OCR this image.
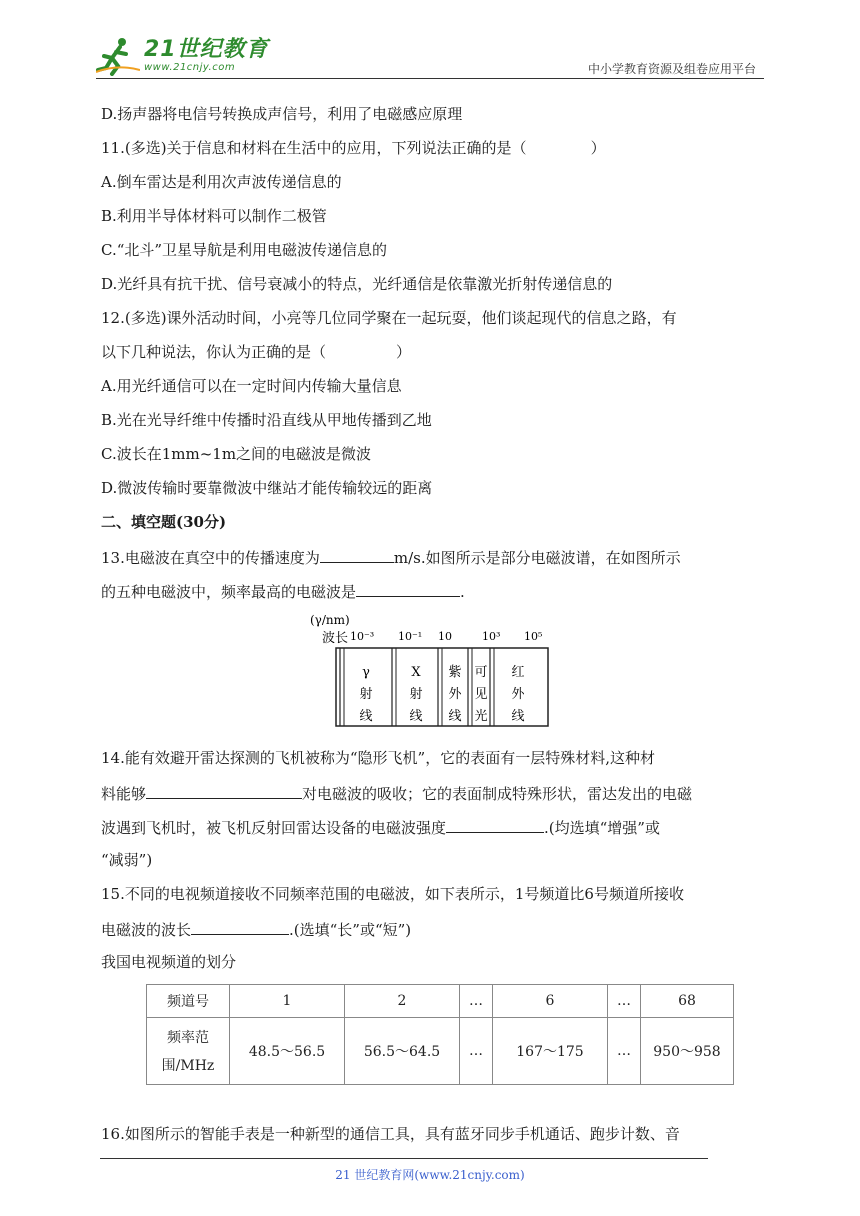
21世纪教育
www.21cnjy.com	中小学教育资源及组卷应用平台
D.扬声器将电信号转换成声信号，利用了电磁感应原理
11.(多选)关于信息和材料在生活中的应用，下列说法正确的是（	）
A.倒车雷达是利用次声波传递信息的
B.利用半导体材料可以制作二极管
C.“北斗”卫星导航是利用电磁波传递信息的
D.光纤具有抗干扰、信号衰减小的特点，光纤通信是依靠激光折射传递信息的
12.(多选)课外活动时间，小亮等几位同学聚在一起玩耍，他们谈起现代的信息之路，有
以下几种说法，你认为正确的是（	）
A.用光纤通信可以在一定时间内传输大量信息
B.光在光导纤维中传播时沿直线从甲地传播到乙地
C.波长在1mm~1m之间的电磁波是微波
D.微波传输时要靠微波中继站才能传输较远的距离
二、填空题(30分)
13.电磁波在真空中的传播速度为	m/s.如图所示是部分电磁波谱，在如图所示
的五种电磁波中，频率最高的电磁波是	.
(γ/nm)
波长 10⁻³ 10⁻¹ 10	10³ 10⁵
γ
射
线
X
射
线
紫
外
线
可
见
光
红
外
线
14.能有效避开雷达探测的飞机被称为“隐形飞机”，它的表面有一层特殊材料,这种材
料能够	对电磁波的吸收；它的表面制成特殊形状，雷达发出的电磁
波遇到飞机时，被飞机反射回雷达设备的电磁波强度	.(均选填“增强”或
“减弱”)
15.不同的电视频道接收不同频率范围的电磁波，如下表所示，1号频道比6号频道所接收
电磁波的波长	.(选填“长”或“短”)
我国电视频道的划分
频道号	1	2	…	6	…	68

频率范
围/MHz	48.5～56.5	56.5～64.5	…	167～175	…	950～958
16.如图所示的智能手表是一种新型的通信工具，具有蓝牙同步手机通话、跑步计数、音
21 世纪教育网(www.21cnjy.com)
